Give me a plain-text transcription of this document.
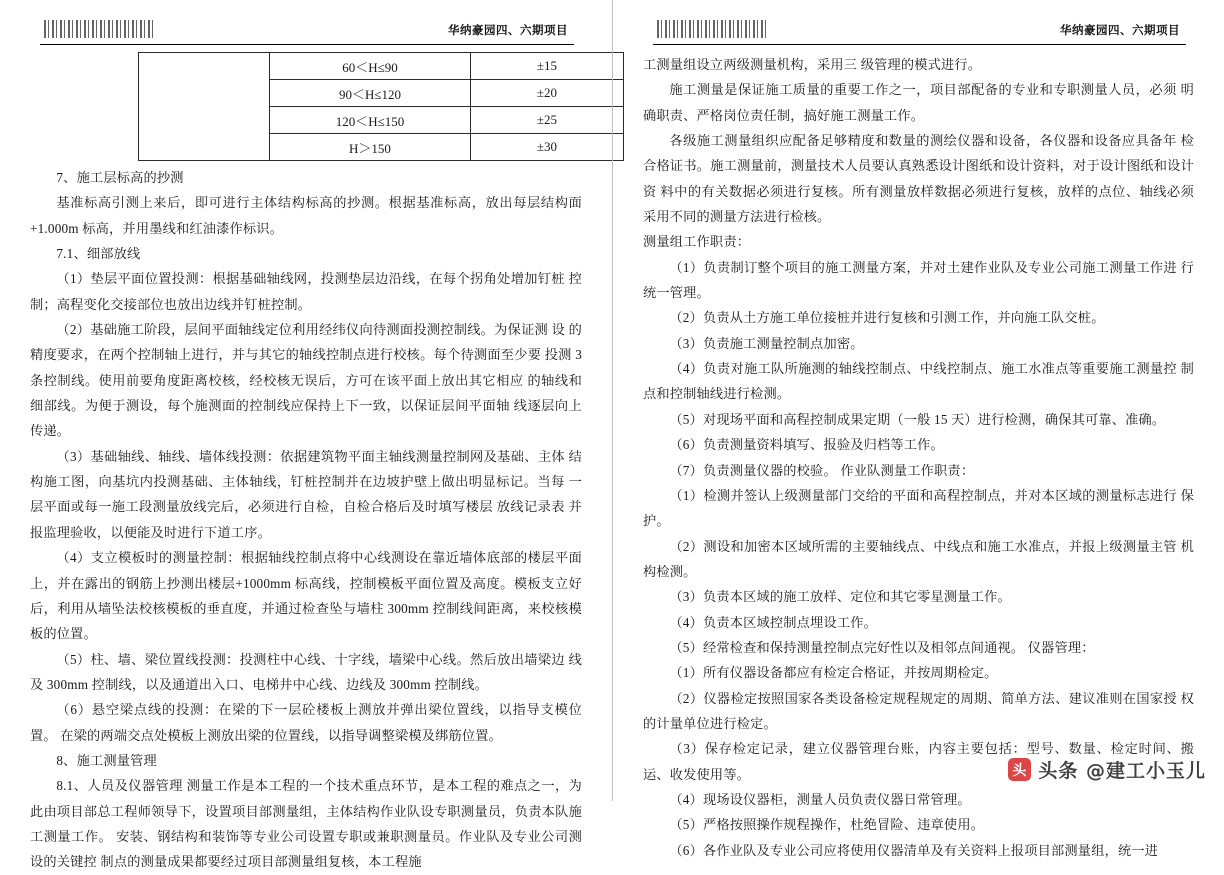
华纳豪园四、六期项目
	60＜H≤90	±15
	90＜H≤120	±20
	120＜H≤150	±25
	H＞150	±30

7、施工层标高的抄测

基准标高引测上来后，即可进行主体结构标高的抄测。根据基准标高，放出每层结构面+1.000m 标高，并用墨线和红油漆作标识。

7.1、细部放线

（1）垫层平面位置投测：根据基础轴线网，投测垫层边沿线，在每个拐角处增加钉桩 控制；高程变化交接部位也放出边线并钉桩控制。

（2）基础施工阶段，层间平面轴线定位利用经纬仪向待测面投测控制线。为保证测 设 的精度要求，在两个控制轴上进行，并与其它的轴线控制点进行校核。每个待测面至少要 投测 3 条控制线。使用前要角度距离校核，经校核无误后，方可在该平面上放出其它相应 的轴线和细部线。为便于测设，每个施测面的控制线应保持上下一致，以保证层间平面轴 线逐层向上传递。

（3）基础轴线、轴线、墙体线投测：依据建筑物平面主轴线测量控制网及基础、主体 结构施工图，向基坑内投测基础、主体轴线，钉桩控制并在边坡护壁上做出明显标记。当每 一层平面或每一施工段测量放线完后，必须进行自检，自检合格后及时填写楼层 放线记录表 并报监理验收，以便能及时进行下道工序。

（4）支立模板时的测量控制：根据轴线控制点将中心线测设在靠近墙体底部的楼层平面上，并在露出的钢筋上抄测出楼层+1000mm 标高线，控制模板平面位置及高度。模板支立好后，利用从墙坠法校核模板的垂直度，并通过检查坠与墙柱 300mm 控制线间距离，来校核模板的位置。

（5）柱、墙、梁位置线投测：投测柱中心线、十字线，墙梁中心线。然后放出墙梁边 线及 300mm 控制线，以及通道出入口、电梯井中心线、边线及 300mm 控制线。

（6）悬空梁点线的投测：在梁的下一层砼楼板上测放并弹出梁位置线，以指导支模位置。 在梁的两端交点处模板上测放出梁的位置线，以指导调整梁模及绑筋位置。

8、施工测量管理

8.1、人员及仪器管理 测量工作是本工程的一个技术重点环节，是本工程的难点之一，为此由项目部总工程师领导下，设置项目部测量组，主体结构作业队设专职测量员，负责本队施工测量工作。 安装、钢结构和装饰等专业公司设置专职或兼职测量员。作业队及专业公司测设的关键控 制点的测量成果都要经过项目部测量组复核，本工程施

华纳豪园四、六期项目

工测量组设立两级测量机构，采用三 级管理的模式进行。

施工测量是保证施工质量的重要工作之一，项目部配备的专业和专职测量人员，必须 明确职责、严格岗位责任制，搞好施工测量工作。

各级施工测量组织应配备足够精度和数量的测绘仪器和设备，各仪器和设备应具备年 检合格证书。施工测量前，测量技术人员要认真熟悉设计图纸和设计资料，对于设计图纸和设计资 料中的有关数据必须进行复核。所有测量放样数据必须进行复核，放样的点位、轴线必须采用不同的测量方法进行检核。

测量组工作职责：

（1）负责制订整个项目的施工测量方案，并对土建作业队及专业公司施工测量工作进 行统一管理。

（2）负责从土方施工单位接桩并进行复核和引测工作，并向施工队交桩。

（3）负责施工测量控制点加密。

（4）负责对施工队所施测的轴线控制点、中线控制点、施工水准点等重要施工测量控 制点和控制轴线进行检测。

（5）对现场平面和高程控制成果定期（一般 15 天）进行检测，确保其可靠、准确。

（6）负责测量资料填写、报验及归档等工作。

（7）负责测量仪器的校验。 作业队测量工作职责：

（1）检测并签认上级测量部门交给的平面和高程控制点，并对本区域的测量标志进行 保护。

（2）测设和加密本区域所需的主要轴线点、中线点和施工水准点，并报上级测量主管 机构检测。

（3）负责本区域的施工放样、定位和其它零星测量工作。

（4）负责本区域控制点埋设工作。

（5）经常检查和保持测量控制点完好性以及相邻点间通视。 仪器管理：

（1）所有仪器设备都应有检定合格证，并按周期检定。

（2）仪器检定按照国家各类设备检定规程规定的周期、简单方法、建议准则在国家授 权的计量单位进行检定。

（3）保存检定记录，建立仪器管理台账，内容主要包括：型号、数量、检定时间、搬 运、收发使用等。

（4）现场设仪器柜，测量人员负责仪器日常管理。

（5）严格按照操作规程操作，杜绝冒险、违章使用。

（6）各作业队及专业公司应将使用仪器清单及有关资料上报项目部测量组，统一进

头 头条 @建工小玉儿
